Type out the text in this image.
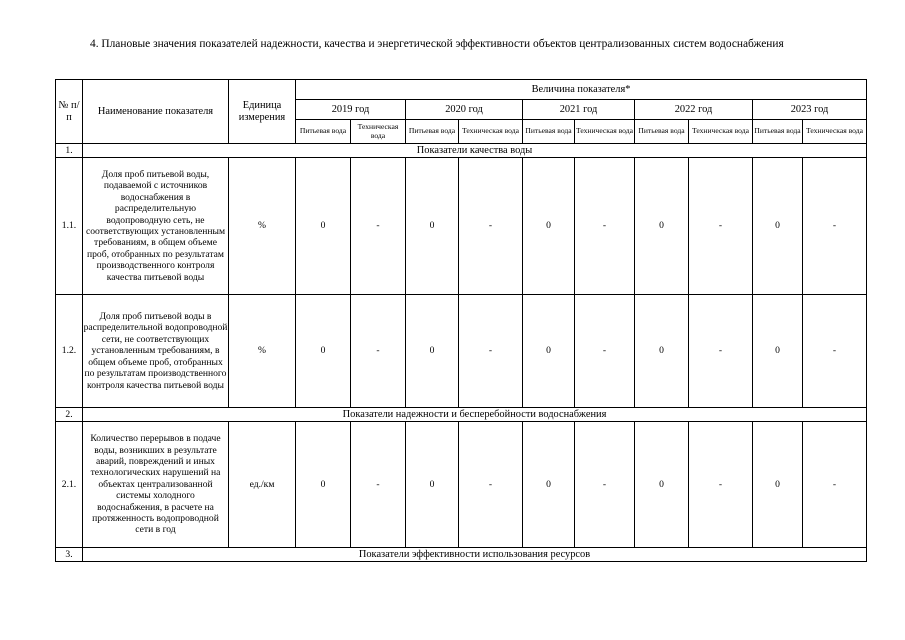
4. Плановые значения показателей надежности, качества и энергетической эффективности объектов централизованных систем водоснабжения
№ п/п	Наименование показателя	Единица измерения	Величина показателя*									
			2019 год		2020 год		2021 год		2022 год		2023 год	
			Питьевая вода	Техническая вода	Питьевая вода	Техническая вода	Питьевая вода	Техническая вода	Питьевая вода	Техническая вода	Питьевая вода	Техническая вода
1.	Показатели качества воды											
1.1.	Доля проб питьевой воды, подаваемой с источников водоснабжения в распределительную водопроводную сеть, не соответствующих установленным требованиям, в общем объеме проб, отобранных по результатам производственного контроля качества питьевой воды	%	0	-	0	-	0	-	0	-	0	-
1.2.	Доля проб питьевой воды в распределительной водопроводной сети, не соответствующих установленным требованиям, в общем объеме проб, отобранных по результатам производственного контроля качества питьевой воды	%	0	-	0	-	0	-	0	-	0	-
2.	Показатели надежности и бесперебойности водоснабжения											
2.1.	Количество перерывов в подаче воды, возникших в результате аварий, повреждений и иных технологических нарушений на объектах централизованной системы холодного водоснабжения, в расчете на протяженность водопроводной сети в год	ед./км	0	-	0	-	0	-	0	-	0	-
3.	Показатели эффективности использования ресурсов											
